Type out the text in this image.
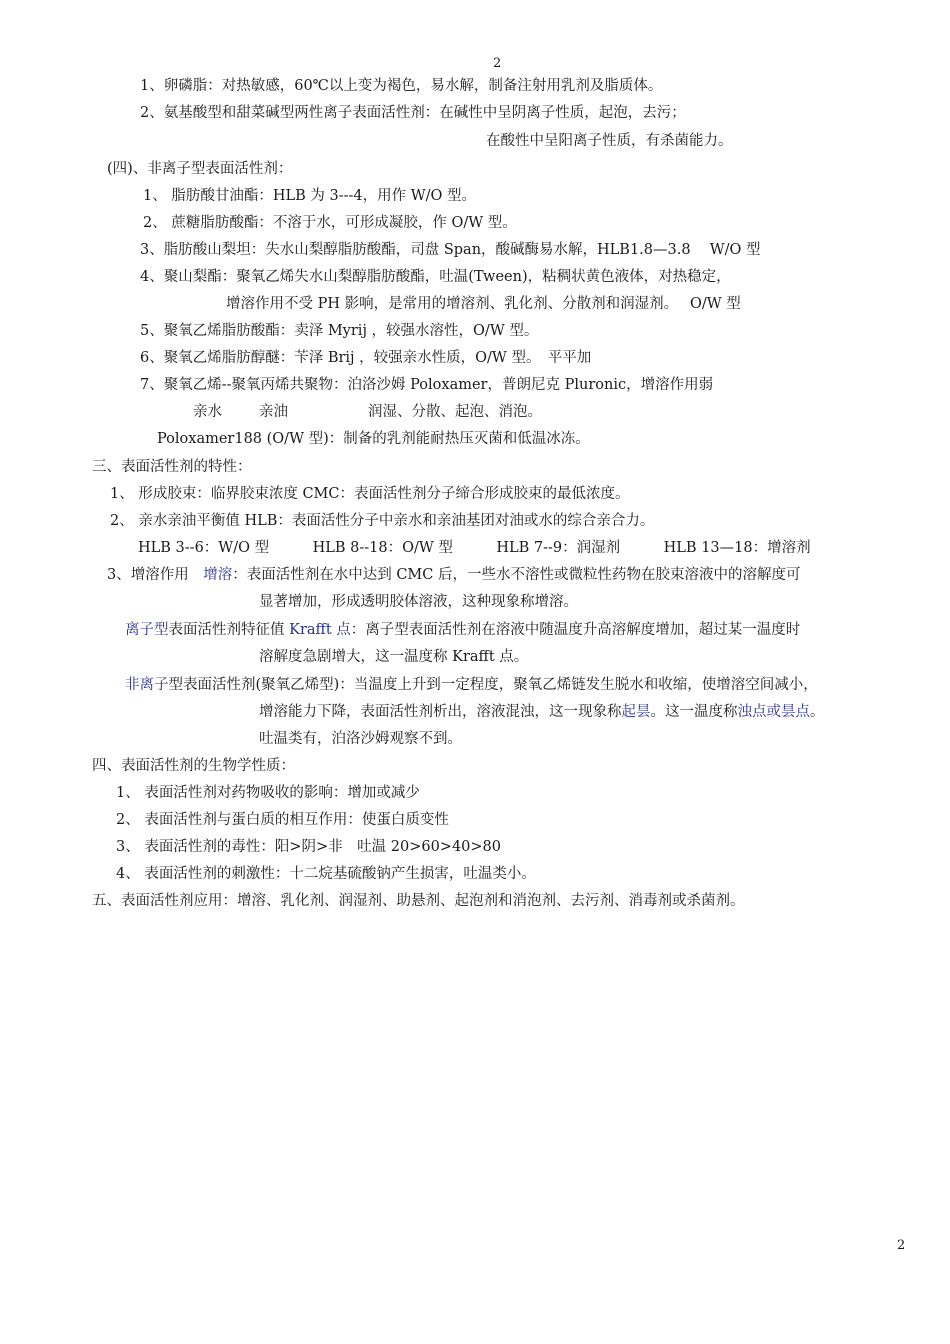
2
1、卵磷脂：对热敏感，60℃以上变为褐色，易水解，制备注射用乳剂及脂质体。
2、氨基酸型和甜菜碱型两性离子表面活性剂：在碱性中呈阴离子性质，起泡，去污；
在酸性中呈阳离子性质，有杀菌能力。
(四)、非离子型表面活性剂：
1、 脂肪酸甘油酯：HLB 为 3---4，用作 W/O 型。
2、 蔗糖脂肪酸酯：不溶于水，可形成凝胶，作 O/W 型。
3、脂肪酸山梨坦：失水山梨醇脂肪酸酯，司盘 Span，酸碱酶易水解，HLB1.8—3.8　 W/O 型
4、聚山梨酯：聚氧乙烯失水山梨醇脂肪酸酯，吐温(Tween)，粘稠状黄色液体，对热稳定，
增溶作用不受 PH 影响，是常用的增溶剂、乳化剂、分散剂和润湿剂。　 O/W 型
5、聚氧乙烯脂肪酸酯：卖泽 Myrij ，较强水溶性，O/W 型。
6、聚氧乙烯脂肪醇醚：苄泽 Brij ，较强亲水性质，O/W 型。　平平加
7、聚氧乙烯--聚氧丙烯共聚物：泊洛沙姆 Poloxamer，普朗尼克 Pluronic，增溶作用弱
亲水	亲油	润湿、分散、起泡、消泡。
Poloxamer188 (O/W 型)：制备的乳剂能耐热压灭菌和低温冰冻。
三、表面活性剂的特性：
1、 形成胶束：临界胶束浓度 CMC：表面活性剂分子缔合形成胶束的最低浓度。
2、 亲水亲油平衡值 HLB：表面活性分子中亲水和亲油基团对油或水的综合亲合力。
HLB 3--6：W/O 型　　　HLB 8--18：O/W 型　　　HLB 7--9：润湿剂　　　HLB 13—18：增溶剂
3、增溶作用　增溶：表面活性剂在水中达到 CMC 后，一些水不溶性或微粒性药物在胶束溶液中的溶解度可
显著增加，形成透明胶体溶液，这种现象称增溶。
离子型表面活性剂特征值 Krafft 点：离子型表面活性剂在溶液中随温度升高溶解度增加，超过某一温度时
溶解度急剧增大，这一温度称 Krafft 点。
非离子型表面活性剂(聚氧乙烯型)：当温度上升到一定程度，聚氧乙烯链发生脱水和收缩，使增溶空间减小，
增溶能力下降，表面活性剂析出，溶液混浊，这一现象称起昙。这一温度称浊点或昙点。
吐温类有，泊洛沙姆观察不到。
四、表面活性剂的生物学性质：
1、 表面活性剂对药物吸收的影响：增加或减少
2、 表面活性剂与蛋白质的相互作用：使蛋白质变性
3、 表面活性剂的毒性：阳>阴>非　吐温 20>60>40>80
4、 表面活性剂的刺激性：十二烷基硫酸钠产生损害，吐温类小。
五、表面活性剂应用：增溶、乳化剂、润湿剂、助悬剂、起泡剂和消泡剂、去污剂、消毒剂或杀菌剂。
2
